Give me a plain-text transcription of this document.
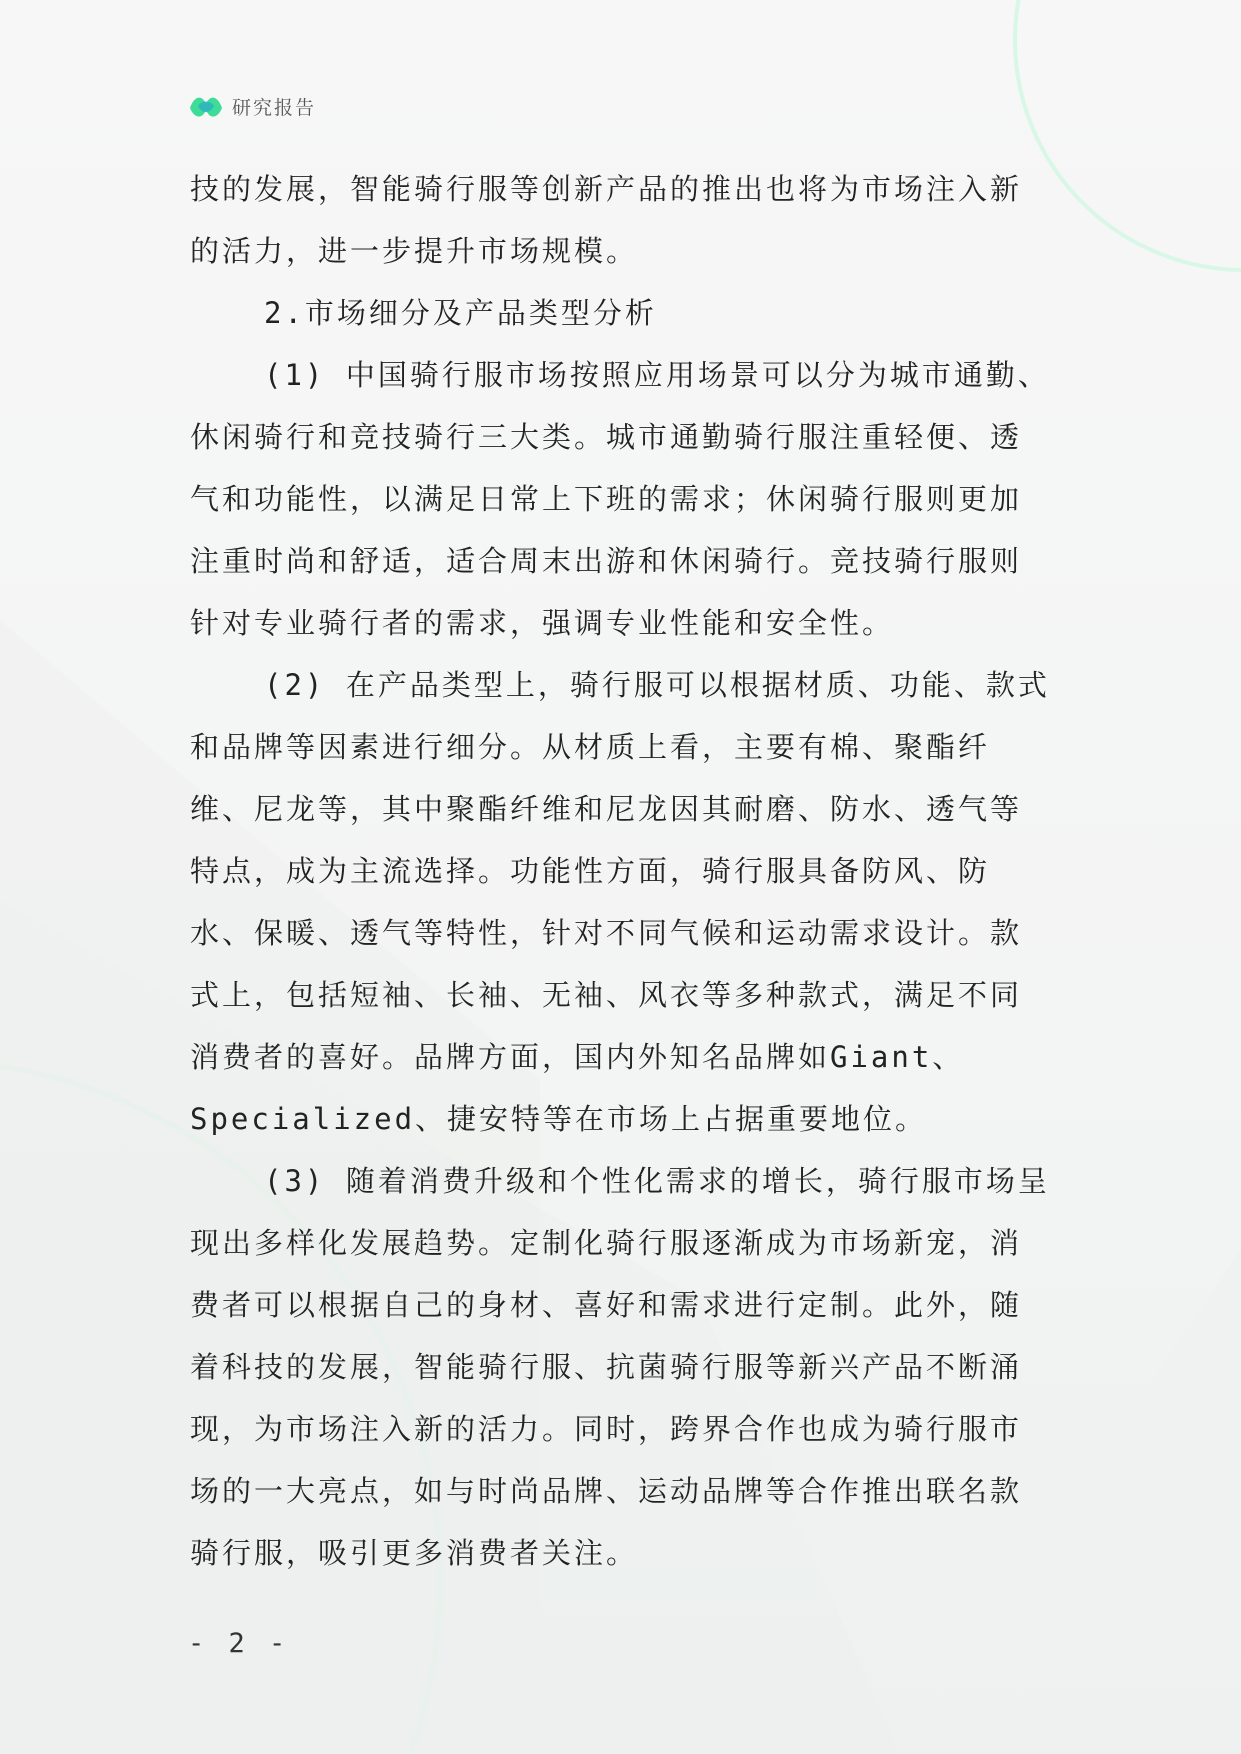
研究报告

技的发展，智能骑行服等创新产品的推出也将为市场注入新的活力，进一步提升市场规模。

2.市场细分及产品类型分析

(1) 中国骑行服市场按照应用场景可以分为城市通勤、休闲骑行和竞技骑行三大类。城市通勤骑行服注重轻便、透气和功能性，以满足日常上下班的需求；休闲骑行服则更加注重时尚和舒适，适合周末出游和休闲骑行。竞技骑行服则针对专业骑行者的需求，强调专业性能和安全性。

(2) 在产品类型上，骑行服可以根据材质、功能、款式和品牌等因素进行细分。从材质上看，主要有棉、聚酯纤维、尼龙等，其中聚酯纤维和尼龙因其耐磨、防水、透气等特点，成为主流选择。功能性方面，骑行服具备防风、防水、保暖、透气等特性，针对不同气候和运动需求设计。款式上，包括短袖、长袖、无袖、风衣等多种款式，满足不同消费者的喜好。品牌方面，国内外知名品牌如Giant、Specialized、捷安特等在市场上占据重要地位。

(3) 随着消费升级和个性化需求的增长，骑行服市场呈现出多样化发展趋势。定制化骑行服逐渐成为市场新宠，消费者可以根据自己的身材、喜好和需求进行定制。此外，随着科技的发展，智能骑行服、抗菌骑行服等新兴产品不断涌现，为市场注入新的活力。同时，跨界合作也成为骑行服市场的一大亮点，如与时尚品牌、运动品牌等合作推出联名款骑行服，吸引更多消费者关注。

- 2 -
